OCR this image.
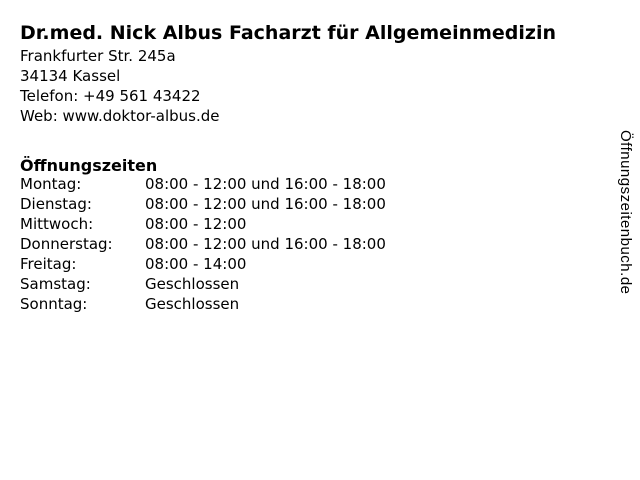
Dr.med. Nick Albus Facharzt für Allgemeinmedizin
Frankfurter Str. 245a
34134 Kassel
Telefon: +49 561 43422
Web: www.doktor-albus.de
Öffnungszeiten
Montag:	08:00 - 12:00 und 16:00 - 18:00
Dienstag:	08:00 - 12:00 und 16:00 - 18:00
Mittwoch:	08:00 - 12:00
Donnerstag:	08:00 - 12:00 und 16:00 - 18:00
Freitag:	08:00 - 14:00
Samstag:	Geschlossen
Sonntag:	Geschlossen
Öffnungszeitenbuch.de
